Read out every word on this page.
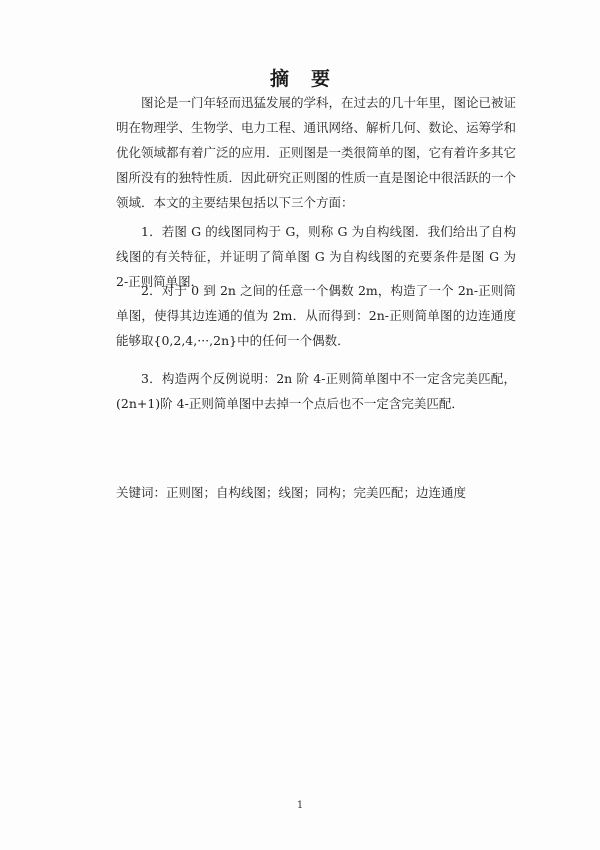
摘要

图论是一门年轻而迅猛发展的学科，在过去的几十年里，图论已被证明在物理学、生物学、电力工程、通讯网络、解析几何、数论、运筹学和优化领域都有着广泛的应用．正则图是一类很简单的图，它有着许多其它图所没有的独特性质．因此研究正则图的性质一直是图论中很活跃的一个领域．本文的主要结果包括以下三个方面：

1．若图 G 的线图同构于 G，则称 G 为自构线图．我们给出了自构线图的有关特征，并证明了简单图 G 为自构线图的充要条件是图 G 为 2-正则简单图．

2．对于 0 到 2n 之间的任意一个偶数 2m，构造了一个 2n-正则简单图，使得其边连通的值为 2m．从而得到：2n-正则简单图的边连通度能够取{0,2,4,···,2n}中的任何一个偶数．

3．构造两个反例说明：2n 阶 4-正则简单图中不一定含完美匹配，(2n+1)阶 4-正则简单图中去掉一个点后也不一定含完美匹配．

关键词：正则图；自构线图；线图；同构；完美匹配；边连通度

1
